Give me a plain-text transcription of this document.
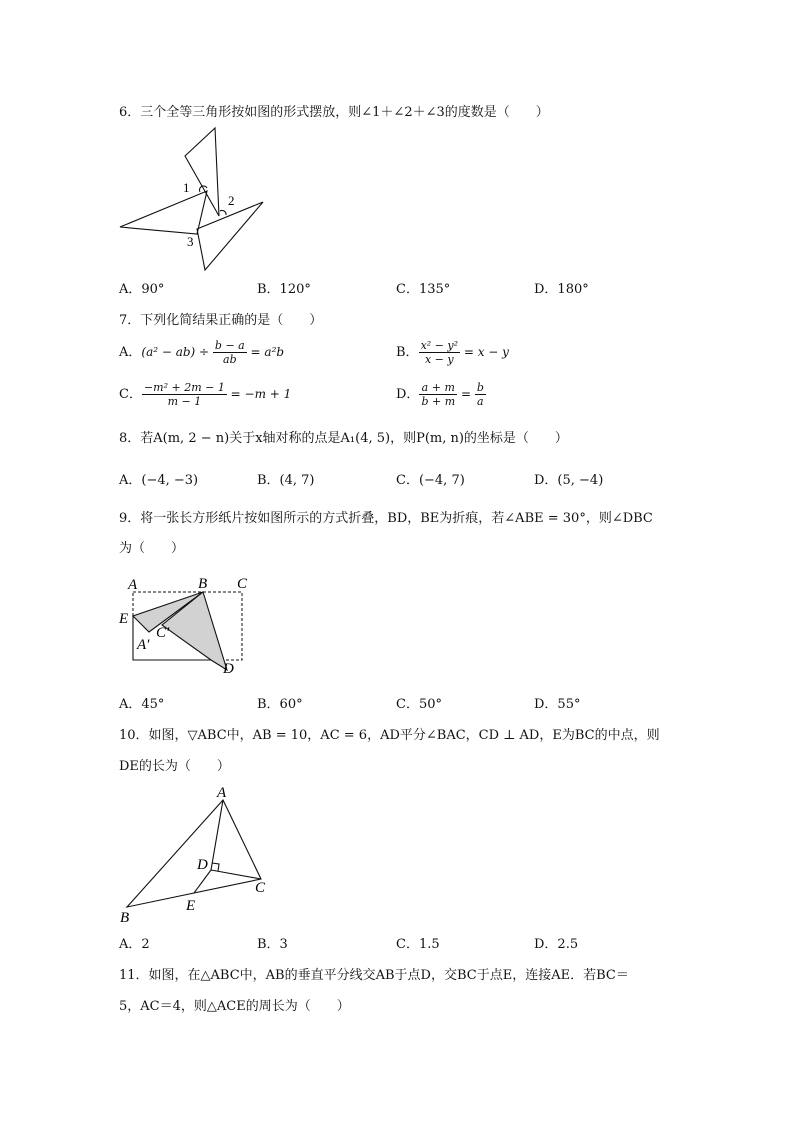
6．三个全等三角形按如图的形式摆放，则∠1＋∠2＋∠3的度数是（　　）
1
2
3
A．90°	B．120°	C．135°	D．180°
7．下列化简结果正确的是（　　）
A．$(a^2 - ab) \div \frac{b - a}{ab} = a^2b$	B． $\frac{\text{x² − y²}}{x - y} = x - y$
C． $\frac{\text{−m² + 2m − 1}}{m - 1} = -m + 1$	D． $\frac{a + m}{b + m} = \frac{b}{a}$
8．若A(m, 2 − n)关于x轴对称的点是A₁(4, 5)，则P(m, n)的坐标是（　　）
A．(−4, −3)	B．(4, 7)	C．(−4, 7)	D．(5, −4)
9．将一张长方形纸片按如图所示的方式折叠，BD，BE为折痕，若∠ABE = 30°，则∠DBC
为（　　）
A	B C
E
A′
C′
D
A．45°	B．60°	C．50°	D．55°
10．如图，▽ABC中，AB = 10，AC = 6，AD平分∠BAC，CD ⊥ AD，E为BC的中点，则
DE的长为（　　）
A
B
C
D
E
A．2	B．3	C．1.5	D．2.5
11．如图，在△ABC中，AB的垂直平分线交AB于点D，交BC于点E，连接AE．若BC＝
5，AC＝4，则△ACE的周长为（　　）
